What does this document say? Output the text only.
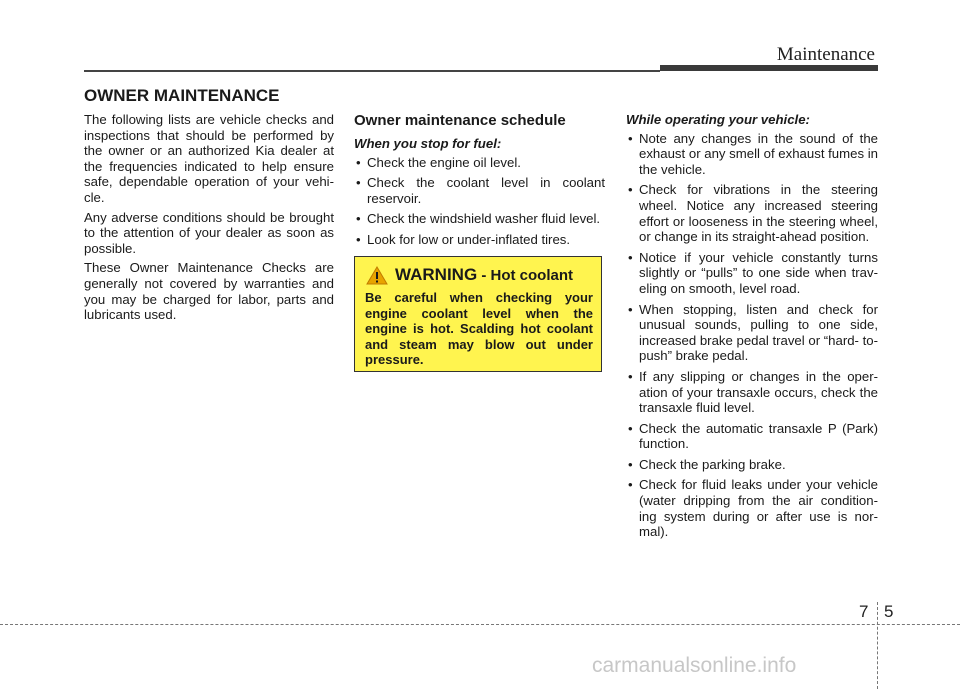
Maintenance
OWNER MAINTENANCE

The following lists are vehicle checks and inspections that should be performed by the owner or an authorized Kia dealer at the frequencies indicated to help ensure safe, dependable operation of your vehi- cle.

Any adverse conditions should be brought to the attention of your dealer as soon as possible.

These Owner Maintenance Checks are generally not covered by warranties and you may be charged for labor, parts and lubricants used.

Owner maintenance schedule
When you stop for fuel:
• Check the engine oil level.
• Check the coolant level in coolant reservoir.
• Check the windshield washer fluid level.
• Look for low or under-inflated tires.
WARNING - Hot coolant
Be careful when checking your engine coolant level when the engine is hot. Scalding hot coolant and steam may blow out under pressure.
While operating your vehicle:
• Note any changes in the sound of the exhaust or any smell of exhaust fumes in the vehicle.
• Check for vibrations in the steering wheel. Notice any increased steering effort or looseness in the steering wheel, or change in its straight-ahead position.
• Notice if your vehicle constantly turns slightly or “pulls” to one side when trav- eling on smooth, level road.
• When stopping, listen and check for unusual sounds, pulling to one side, increased brake pedal travel or “hard- to-push” brake pedal.
• If any slipping or changes in the oper- ation of your transaxle occurs, check the transaxle fluid level.
• Check the automatic transaxle P (Park) function.
• Check the parking brake.
• Check for fluid leaks under your vehicle (water dripping from the air condition- ing system during or after use is nor- mal).
7 5
carmanualsonline.info
